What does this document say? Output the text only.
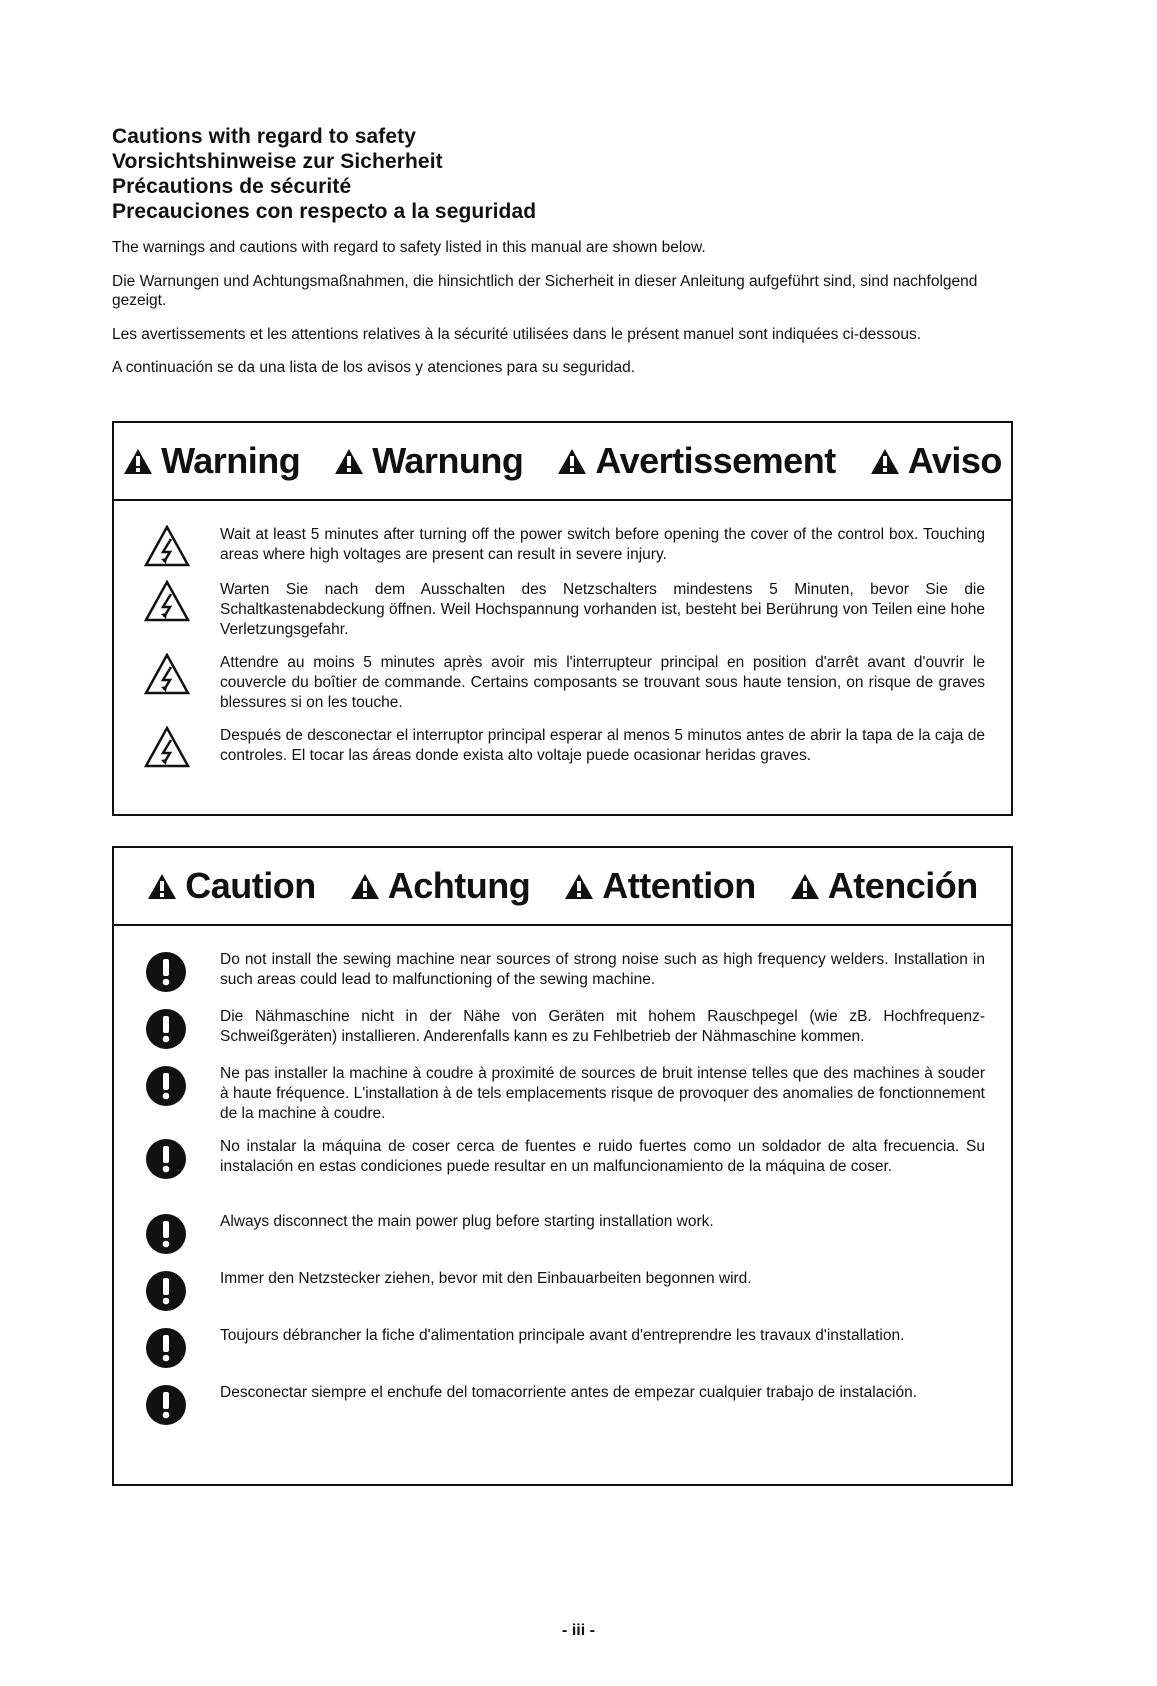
Cautions with regard to safety

Vorsichtshinweise zur Sicherheit

Précautions de sécurité

Precauciones con respecto a la seguridad

The warnings and cautions with regard to safety listed in this manual are shown below.

Die Warnungen und Achtungsmaßnahmen, die hinsichtlich der Sicherheit in dieser Anleitung aufgeführt sind, sind nachfolgend gezeigt.

Les avertissements et les attentions relatives à la sécurité utilisées dans le présent manuel sont indiquées ci-dessous.

A continuación se da una lista de los avisos y atenciones para su seguridad.

Warning Warnung Avertissement Aviso
Wait at least 5 minutes after turning off the power switch before opening the cover of the control box. Touching areas where high voltages are present can result in severe injury.
Warten Sie nach dem Ausschalten des Netzschalters mindestens 5 Minuten, bevor Sie die Schaltkastenabdeckung öffnen. Weil Hochspannung vorhanden ist, besteht bei Berührung von Teilen eine hohe Verletzungsgefahr.
Attendre au moins 5 minutes après avoir mis l'interrupteur principal en position d'arrêt avant d'ouvrir le couvercle du boîtier de commande. Certains composants se trouvant sous haute tension, on risque de graves blessures si on les touche.
Después de desconectar el interruptor principal esperar al menos 5 minutos antes de abrir la tapa de la caja de controles. El tocar las áreas donde exista alto voltaje puede ocasionar heridas graves.
Caution Achtung Attention Atención
Do not install the sewing machine near sources of strong noise such as high frequency welders. Installation in such areas could lead to malfunctioning of the sewing machine.
Die Nähmaschine nicht in der Nähe von Geräten mit hohem Rauschpegel (wie zB. Hochfrequenz-Schweißgeräten) installieren. Anderenfalls kann es zu Fehlbetrieb der Nähmaschine kommen.
Ne pas installer la machine à coudre à proximité de sources de bruit intense telles que des machines à souder à haute fréquence. L'installation à de tels emplacements risque de provoquer des anomalies de fonctionnement de la machine à coudre.
No instalar la máquina de coser cerca de fuentes e ruido fuertes como un soldador de alta frecuencia. Su instalación en estas condiciones puede resultar en un malfuncionamiento de la máquina de coser.
Always disconnect the main power plug before starting installation work.
Immer den Netzstecker ziehen, bevor mit den Einbauarbeiten begonnen wird.
Toujours débrancher la fiche d'alimentation principale avant d'entreprendre les travaux d'installation.
Desconectar siempre el enchufe del tomacorriente antes de empezar cualquier trabajo de instalación.
- iii -
